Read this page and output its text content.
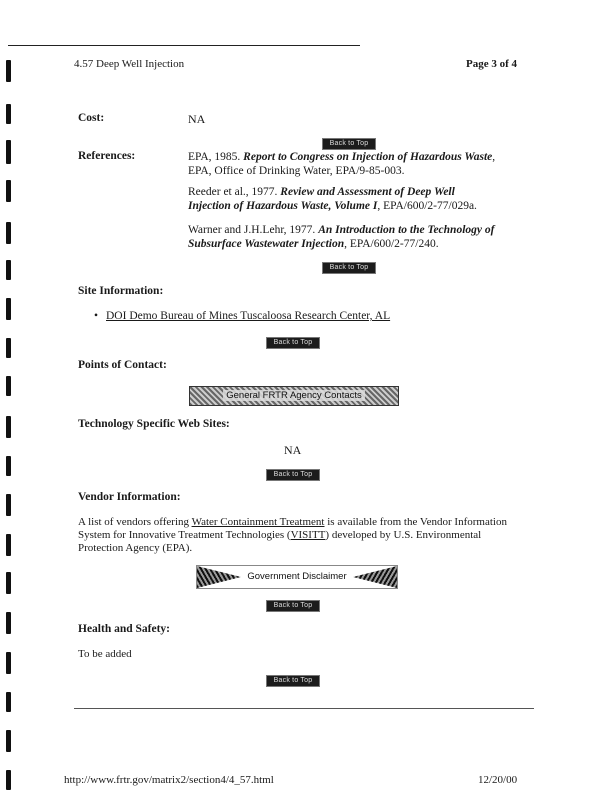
4.57 Deep Well Injection	Page 3 of 4
Cost:	NA
Back to Top
References:	EPA, 1985. Report to Congress on Injection of Hazardous Waste, EPA, Office of Drinking Water, EPA/9-85-003.
Reeder et al., 1977. Review and Assessment of Deep Well Injection of Hazardous Waste, Volume I, EPA/600/2-77/029a.
Warner and J.H.Lehr, 1977. An Introduction to the Technology of Subsurface Wastewater Injection, EPA/600/2-77/240.
Back to Top
Site Information:
• DOI Demo Bureau of Mines Tuscaloosa Research Center, AL
Back to Top
Points of Contact:
General FRTR Agency Contacts
Technology Specific Web Sites:
NA
Back to Top
Vendor Information:
A list of vendors offering Water Containment Treatment is available from the Vendor Information System for Innovative Treatment Technologies (VISITT) developed by U.S. Environmental Protection Agency (EPA).
Government Disclaimer
Back to Top
Health and Safety:
To be added
Back to Top
http://www.frtr.gov/matrix2/section4/4_57.html	12/20/00
